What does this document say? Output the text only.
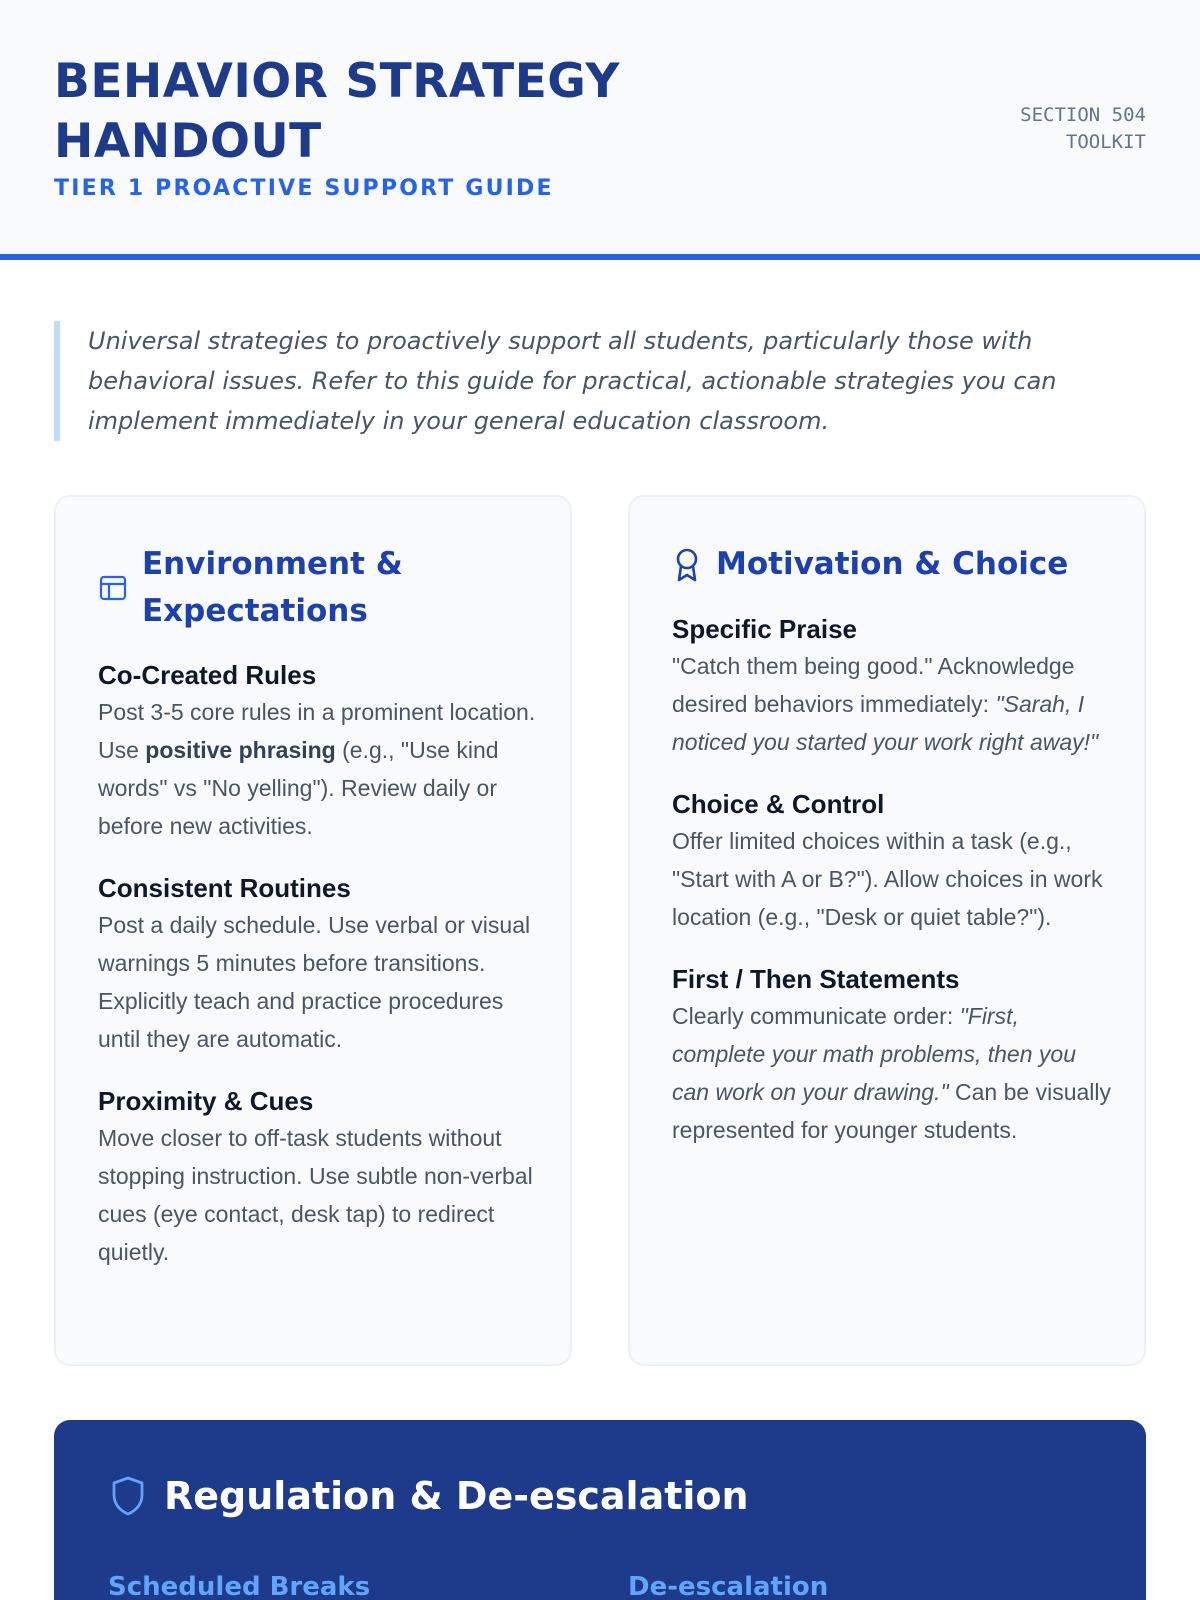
BEHAVIOR STRATEGY HANDOUT
TIER 1 PROACTIVE SUPPORT GUIDE
SECTION 504
TOOLKIT
Universal strategies to proactively support all students, particularly those with behavioral issues. Refer to this guide for practical, actionable strategies you can implement immediately in your general education classroom.
Environment & Expectations
Co-Created Rules

Post 3-5 core rules in a prominent location. Use positive phrasing (e.g., "Use kind words" vs "No yelling"). Review daily or before new activities.

Consistent Routines

Post a daily schedule. Use verbal or visual warnings 5 minutes before transitions. Explicitly teach and practice procedures until they are automatic.

Proximity & Cues

Move closer to off-task students without stopping instruction. Use subtle non-verbal cues (eye contact, desk tap) to redirect quietly.

Motivation & Choice
Specific Praise

"Catch them being good." Acknowledge desired behaviors immediately: "Sarah, I noticed you started your work right away!"

Choice & Control

Offer limited choices within a task (e.g., "Start with A or B?"). Allow choices in work location (e.g., "Desk or quiet table?").

First / Then Statements

Clearly communicate order: "First, complete your math problems, then you can work on your drawing." Can be visually represented for younger students.

Regulation & De-escalation
Scheduled Breaks	De-escalation
